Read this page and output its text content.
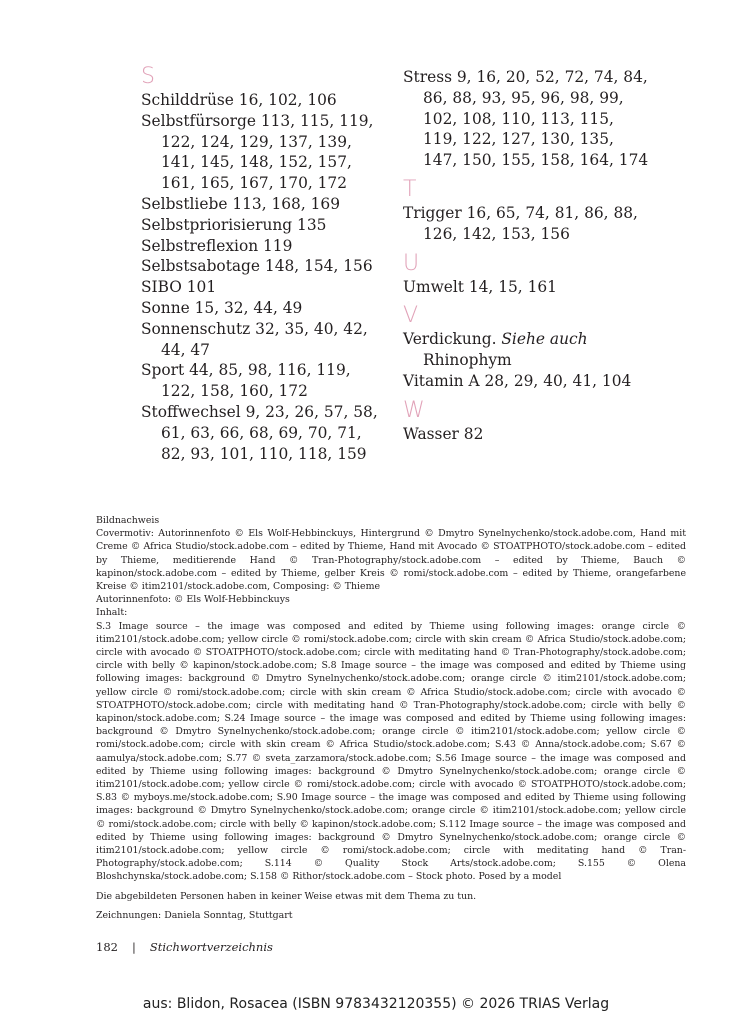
S
Schilddrüse 16, 102, 106
Selbstfürsorge 113, 115, 119, 122, 124, 129, 137, 139, 141, 145, 148, 152, 157, 161, 165, 167, 170, 172
Selbstliebe 113, 168, 169
Selbstpriorisierung 135
Selbstreflexion 119
Selbstsabotage 148, 154, 156
SIBO 101
Sonne 15, 32, 44, 49
Sonnenschutz 32, 35, 40, 42, 44, 47
Sport 44, 85, 98, 116, 119, 122, 158, 160, 172
Stoffwechsel 9, 23, 26, 57, 58, 61, 63, 66, 68, 69, 70, 71, 82, 93, 101, 110, 118, 159
Stress 9, 16, 20, 52, 72, 74, 84, 86, 88, 93, 95, 96, 98, 99, 102, 108, 110, 113, 115, 119, 122, 127, 130, 135, 147, 150, 155, 158, 164, 174
T
Trigger 16, 65, 74, 81, 86, 88, 126, 142, 153, 156
U
Umwelt 14, 15, 161
V
Verdickung. Siehe auch Rhinophym
Vitamin A 28, 29, 40, 41, 104
W
Wasser 82

Bildnachweis

Covermotiv: Autorinnenfoto © Els Wolf-Hebbinckuys, Hintergrund © Dmytro Synelnychenko/stock.adobe.com, Hand mit Creme © Africa Studio/stock.adobe.com – edited by Thieme, Hand mit Avocado © STOATPHOTO/stock.adobe.com – edited by Thieme, meditierende Hand © Tran-Photography/stock.adobe.com – edited by Thieme, Bauch © kapinon/stock.adobe.com – edited by Thieme, gelber Kreis © romi/stock.adobe.com – edited by Thieme, orangefarbene Kreise © itim2101/stock.adobe.com, Composing: © Thieme

Autorinnenfoto: © Els Wolf-Hebbinckuys

Inhalt:

S.3 Image source – the image was composed and edited by Thieme using following images: orange circle © itim2101/stock.adobe.com; yellow circle © romi/stock.adobe.com; circle with skin cream © Africa Studio/stock.adobe.com; circle with avocado © STOATPHOTO/stock.adobe.com; circle with meditating hand © Tran-Photography/stock.adobe.com; circle with belly © kapinon/stock.adobe.com; S.8 Image source – the image was composed and edited by Thieme using following images: background © Dmytro Synelnychenko/stock.adobe.com; orange circle © itim2101/stock.adobe.com; yellow circle © romi/stock.adobe.com; circle with skin cream © Africa Studio/stock.adobe.com; circle with avocado © STOATPHOTO/stock.adobe.com; circle with meditating hand © Tran-Photography/stock.adobe.com; circle with belly © kapinon/stock.adobe.com; S.24 Image source – the image was composed and edited by Thieme using following images: background © Dmytro Synelnychenko/stock.adobe.com; orange circle © itim2101/stock.adobe.com; yellow circle © romi/stock.adobe.com; circle with skin cream © Africa Studio/stock.adobe.com; S.43 © Anna/stock.adobe.com; S.67 © aamulya/stock.adobe.com; S.77 © sveta_zarzamora/stock.adobe.com; S.56 Image source – the image was composed and edited by Thieme using following images: background © Dmytro Synelnychenko/stock.adobe.com; orange circle © itim2101/stock.adobe.com; yellow circle © romi/stock.adobe.com; circle with avocado © STOATPHOTO/stock.adobe.com; S.83 © myboys.me/stock.adobe.com; S.90 Image source – the image was composed and edited by Thieme using following images: background © Dmytro Synelnychenko/stock.adobe.com; orange circle © itim2101/stock.adobe.com; yellow circle © romi/stock.adobe.com; circle with belly © kapinon/stock.adobe.com; S.112 Image source – the image was composed and edited by Thieme using following images: background © Dmytro Synelnychenko/stock.adobe.com; orange circle © itim2101/stock.adobe.com; yellow circle © romi/stock.adobe.com; circle with meditating hand © Tran-Photography/stock.adobe.com; S.114 © Quality Stock Arts/stock.adobe.com; S.155 © Olena Bloshchynska/stock.adobe.com; S.158 © Rithor/stock.adobe.com – Stock photo. Posed by a model

Die abgebildeten Personen haben in keiner Weise etwas mit dem Thema zu tun.

Zeichnungen: Daniela Sonntag, Stuttgart

182 | Stichwortverzeichnis
aus: Blidon, Rosacea (ISBN 9783432120355) © 2026 TRIAS Verlag
